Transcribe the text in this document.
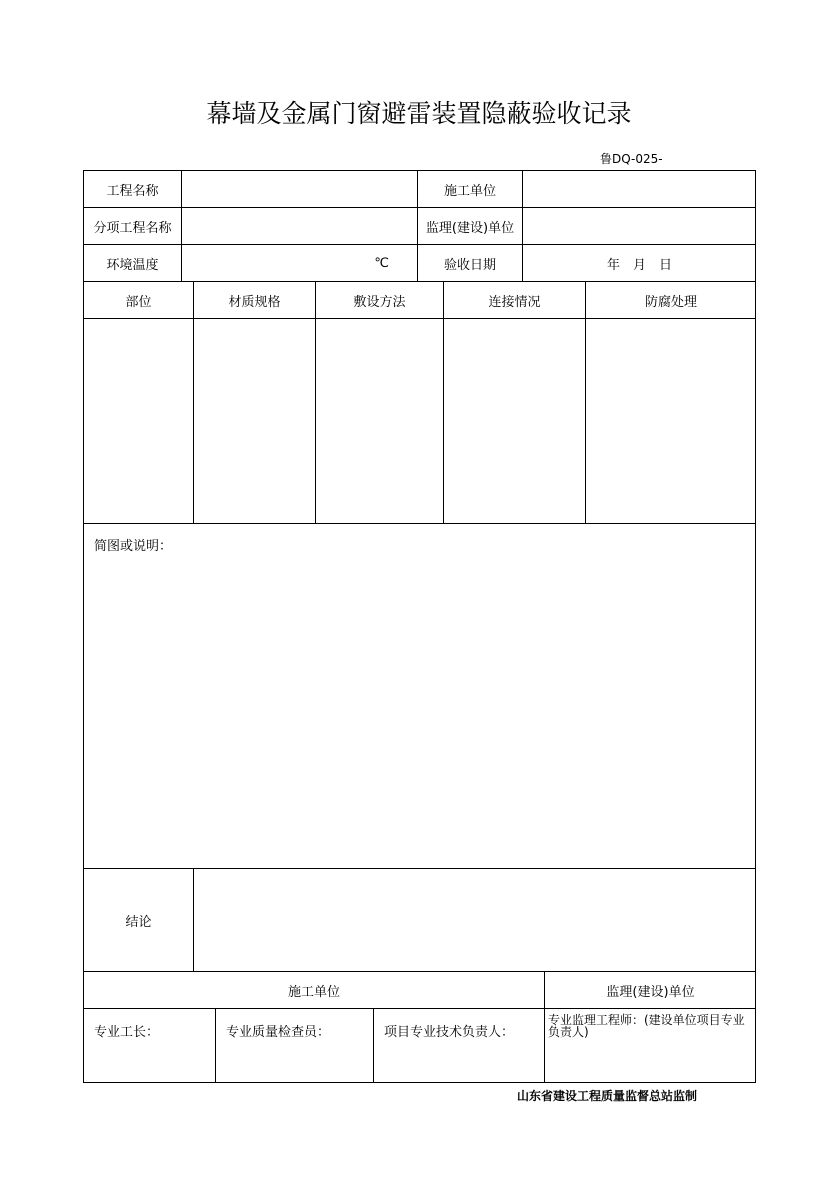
幕墙及金属门窗避雷装置隐蔽验收记录
鲁DQ-025-
工程名称	施工单位
分项工程名称	监理(建设)单位
环境温度	℃	验收日期	年　月　日
部位	材质规格	敷设方法	连接情况	防腐处理
简图或说明：
结论
施工单位	监理(建设)单位
专业工长：	专业质量检查员：	项目专业技术负责人：
专业监理工程师：(建设单位项目专业负责人)
山东省建设工程质量监督总站监制
